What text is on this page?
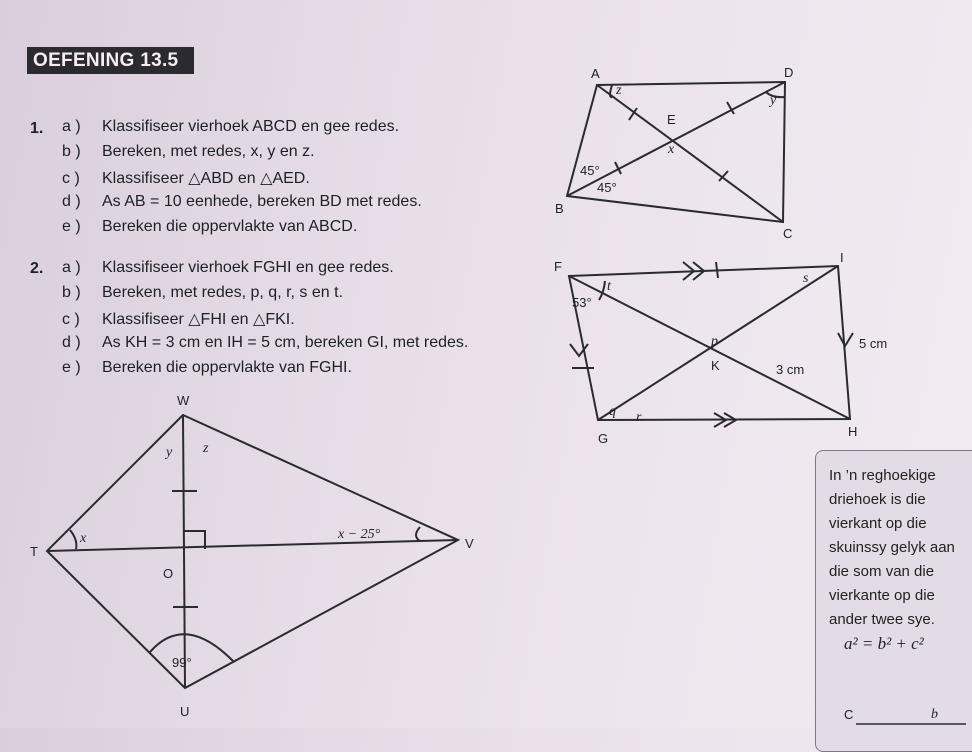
OEFENING 13.5
1. a ) Klassifiseer vierhoek ABCD en gee redes.
b ) Bereken, met redes, x, y en z.
c ) Klassifiseer △ABD en △AED.
d ) As AB = 10 eenhede, bereken BD met redes.
e ) Bereken die oppervlakte van ABCD.
2. a ) Klassifiseer vierhoek FGHI en gee redes.
b ) Bereken, met redes, p, q, r, s en t.
c ) Klassifiseer △FHI en △FKI.
d ) As KH = 3 cm en IH = 5 cm, bereken GI, met redes.
e ) Bereken die oppervlakte van FGHI.
A	D
E
B
C
z
y
x
45°
45°
F
I
H
G
K
t
s
p
q r
53°
5 cm
3 cm
W
T
V
U
O
y z
x	x − 25°
99°
In ’n reghoekige
driehoek is die
vierkant op die
skuinssy gelyk aan
die som van die
vierkante op die
ander twee sye.
a² = b² + c²
C	b
